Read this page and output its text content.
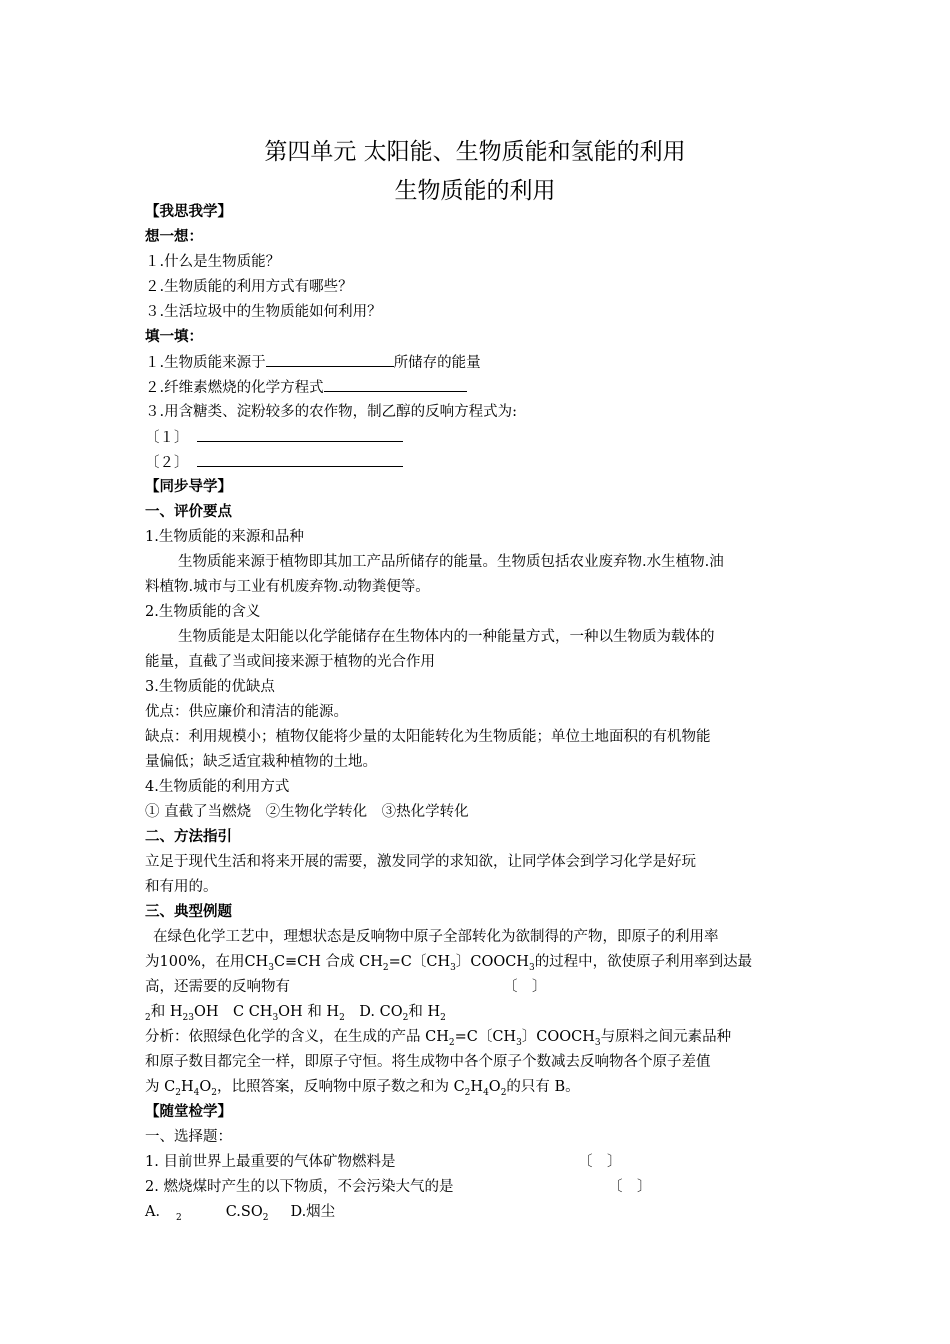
第四单元 太阳能、生物质能和氢能的利用
生物质能的利用
【我思我学】
想一想：
１.什么是生物质能？
２.生物质能的利用方式有哪些？
３.生活垃圾中的生物质能如何利用？
填一填：
１.生物质能来源于	所储存的能量
２.纤维素燃烧的化学方程式
３.用含糖类、淀粉较多的农作物，制乙醇的反响方程式为:
〔１〕
〔２〕
【同步导学】
一、评价要点
1.生物质能的来源和品种
生物质能来源于植物即其加工产品所储存的能量。生物质包括农业废弃物.水生植物.油
料植物.城市与工业有机废弃物.动物粪便等。
2.生物质能的含义
生物质能是太阳能以化学能储存在生物体内的一种能量方式，一种以生物质为载体的
能量，直截了当或间接来源于植物的光合作用
3.生物质能的优缺点
优点：供应廉价和清洁的能源。
缺点：利用规模小；植物仅能将少量的太阳能转化为生物质能；单位土地面积的有机物能
量偏低；缺乏适宜栽种植物的土地。
4.生物质能的利用方式
① 直截了当燃烧　②生物化学转化　③热化学转化
二、方法指引
立足于现代生活和将来开展的需要，激发同学的求知欲，让同学体会到学习化学是好玩
和有用的。
三、典型例题
在绿色化学工艺中，理想状态是反响物中原子全部转化为欲制得的产物，即原子的利用率
为100%，在用$CH_3C\equiv CH$ 合成 $CH_2=C$〔$CH_3$〕$COOCH_3$的过程中，欲使原子利用率到达最
高，还需要的反响物有	〔　〕
$_2$和 $H_{23}OH$　C $CH_3OH$ 和 $H_2$　D. $CO_2$和 $H_2$
分析：依照绿色化学的含义，在生成的产品 $CH_2=C$〔$CH_3$〕$COOCH_3$与原料之间元素品种
和原子数目都完全一样，即原子守恒。将生成物中各个原子个数减去反响物各个原子差值
为 $C_2H_4O_2$，比照答案，反响物中原子数之和为 $C_2H_4O_2$的只有 B。
【随堂检学】
一、选择题：
1. 目前世界上最重要的气体矿物燃料是	〔　〕
2. 燃烧煤时产生的以下物质，不会污染大气的是	〔　〕
A． $_2$	$C.SO_2$ D.烟尘
